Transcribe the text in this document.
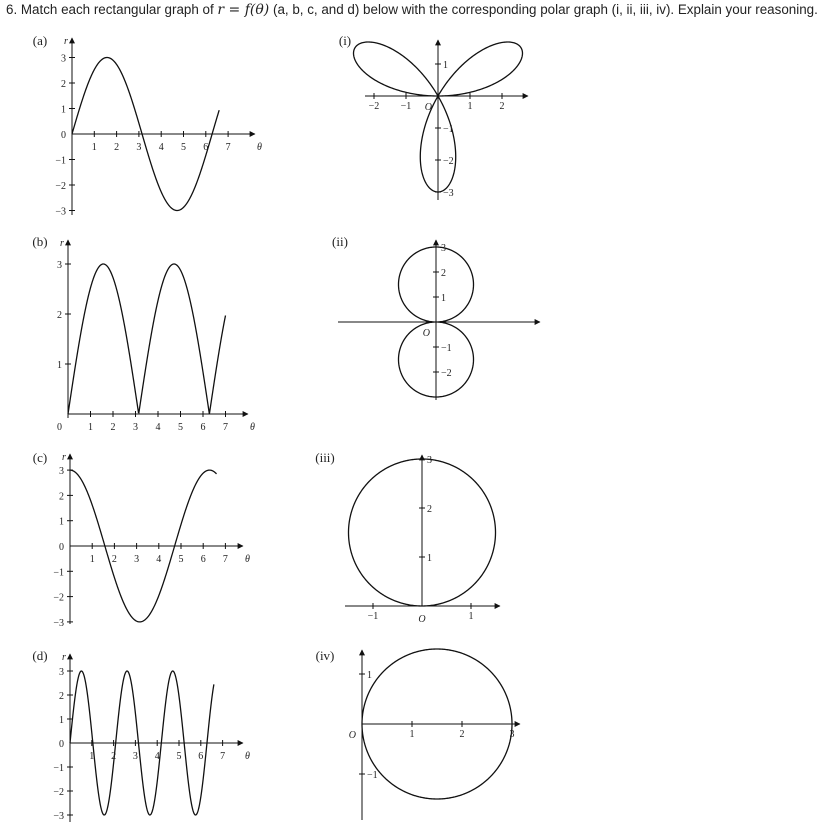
6. Match each rectangular graph of r = f(θ) (a, b, c, and d) below with the corresponding polar graph (i, ii, iii, iv). Explain your reasoning.
(a) r
θ
3
2
1
0
−1
−2
−3
1 2 3 4 5 6 7
(b) r
θ
3
2
1
0	1 2 3 4 5 6 7
(c) r
θ
3
2
1
0
−1
−2
−3
1 2 3 4 5 6 7
(d) r
θ
3
2
1
0
−1
−2
−3
1 2 3 4 5 6 7
(i)
O
−2 −1	1	2
1
−1
−2
−3
(ii)
O
3
2
1
−1
−2
(iii)
O
−1	1
3
2
1
(iv)
O	1	2	3
1
−1
